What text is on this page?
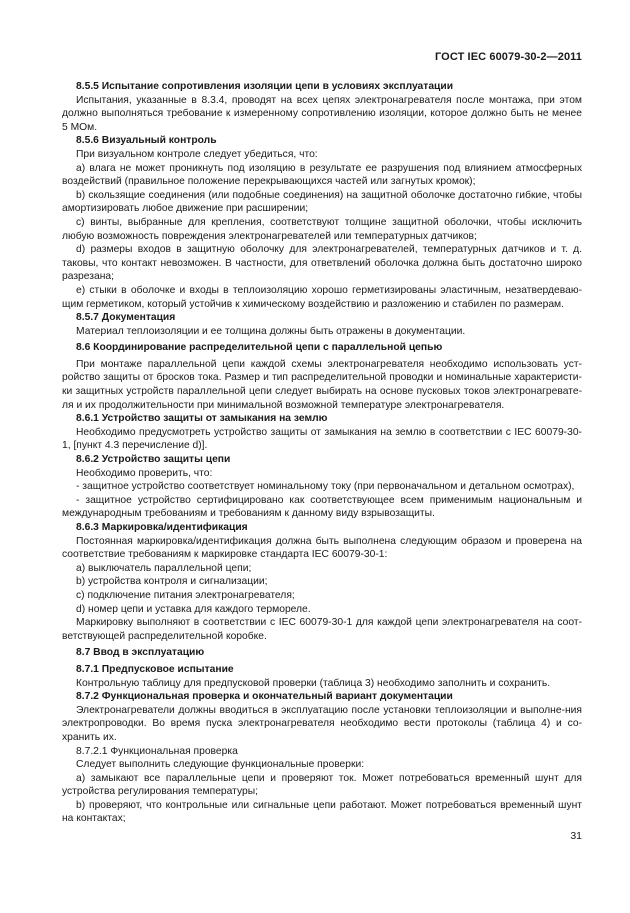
ГОСТ IEC 60079-30-2—2011

8.5.5 Испытание сопротивления изоляции цепи в условиях эксплуатации

Испытания, указанные в 8.3.4, проводят на всех цепях электронагревателя после монтажа, при этом должно выполняться требование к измеренному сопротивлению изоляции, которое должно быть не менее 5 МОм.

8.5.6 Визуальный контроль

При визуальном контроле следует убедиться, что:

а) влага не может проникнуть под изоляцию в результате ее разрушения под влиянием атмосферных воздействий (правильное положение перекрывающихся частей или загнутых кромок);

b) скользящие соединения (или подобные соединения) на защитной оболочке достаточно гибкие, чтобы амортизировать любое движение при расширении;

с) винты, выбранные для крепления, соответствуют толщине защитной оболочки, чтобы исключить любую возможность повреждения электронагревателей или температурных датчиков;

d) размеры входов в защитную оболочку для электронагревателей, температурных датчиков и т. д. таковы, что контакт невозможен. В частности, для ответвлений оболочка должна быть достаточно широко разрезана;

е) стыки в оболочке и входы в теплоизоляцию хорошо герметизированы эластичным, незатвердеваю-щим герметиком, который устойчив к химическому воздействию и разложению и стабилен по размерам.

8.5.7 Документация

Материал теплоизоляции и ее толщина должны быть отражены в документации.

8.6 Координирование распределительной цепи с параллельной цепью

При монтаже параллельной цепи каждой схемы электронагревателя необходимо использовать уст-ройство защиты от бросков тока. Размер и тип распределительной проводки и номинальные характеристи-ки защитных устройств параллельной цепи следует выбирать на основе пусковых токов электронагревате-ля и их продолжительности при минимальной возможной температуре электронагревателя.

8.6.1 Устройство защиты от замыкания на землю

Необходимо предусмотреть устройство защиты от замыкания на землю в соответствии с IEC 60079-30-1, [пункт 4.3 перечисление d)].

8.6.2 Устройство защиты цепи

Необходимо проверить, что:

- защитное устройство соответствует номинальному току (при первоначальном и детальном осмотрах),

- защитное устройство сертифицировано как соответствующее всем применимым национальным и международным требованиям и требованиям к данному виду взрывозащиты.

8.6.3 Маркировка/идентификация

Постоянная маркировка/идентификация должна быть выполнена следующим образом и проверена на соответствие требованиям к маркировке стандарта IEC 60079-30-1:

а) выключатель параллельной цепи;

b) устройства контроля и сигнализации;

с) подключение питания электронагревателя;

d) номер цепи и уставка для каждого термореле.

Маркировку выполняют в соответствии с IEC 60079-30-1 для каждой цепи электронагревателя на соот-ветствующей распределительной коробке.

8.7 Ввод в эксплуатацию

8.7.1 Предпусковое испытание

Контрольную таблицу для предпусковой проверки (таблица 3) необходимо заполнить и сохранить.

8.7.2 Функциональная проверка и окончательный вариант документации

Электронагреватели должны вводиться в эксплуатацию после установки теплоизоляции и выполне-ния электропроводки. Во время пуска электронагревателя необходимо вести протоколы (таблица 4) и со-хранить их.

8.7.2.1 Функциональная проверка

Следует выполнить следующие функциональные проверки:

а) замыкают все параллельные цепи и проверяют ток. Может потребоваться временный шунт для устройства регулирования температуры;

b) проверяют, что контрольные или сигнальные цепи работают. Может потребоваться временный шунт на контактах;

31
